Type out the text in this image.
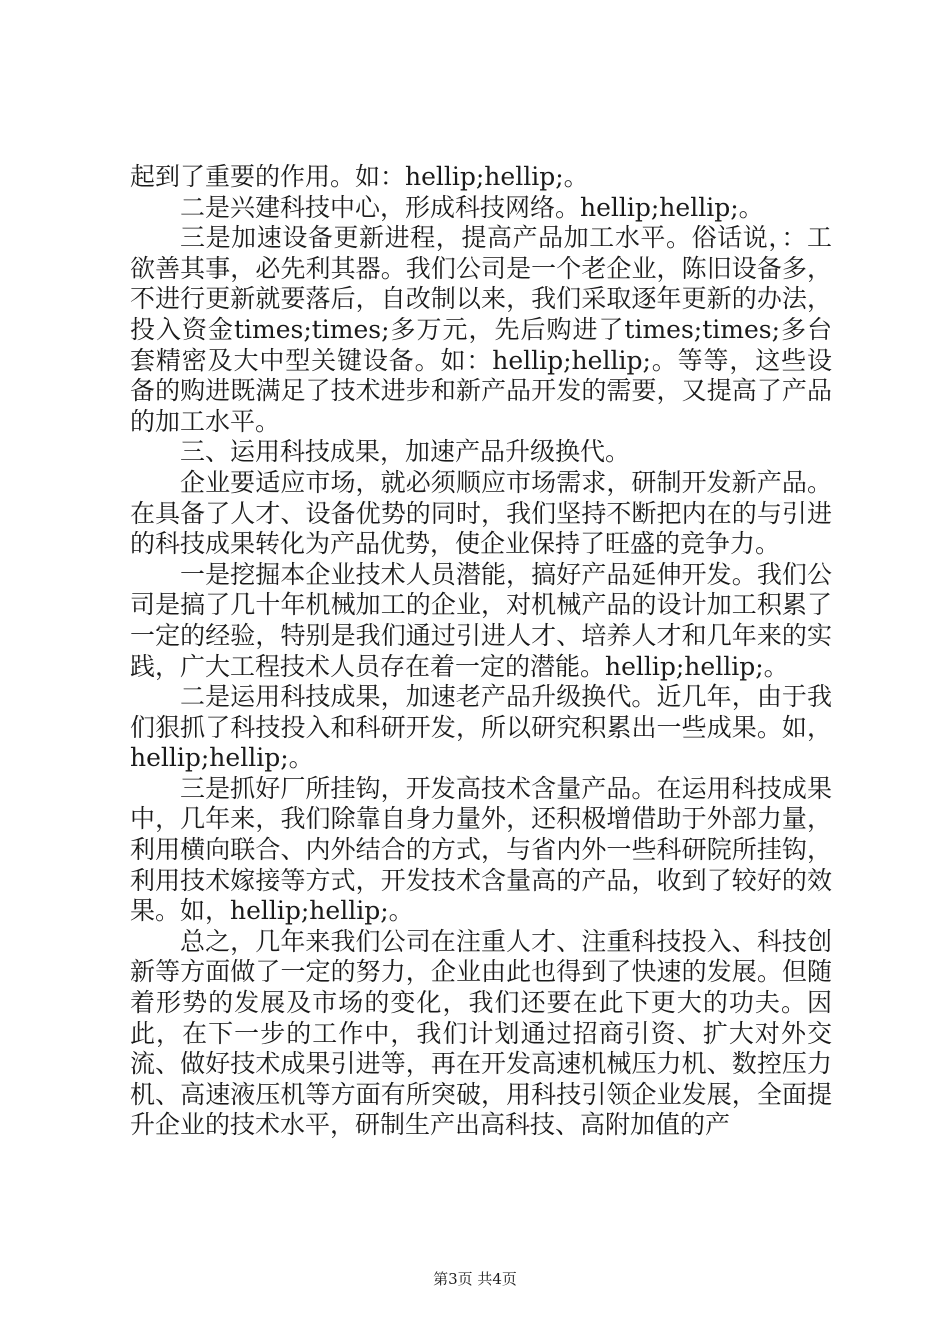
起到了重要的作用。如：hellip;hellip;。

二是兴建科技中心，形成科技网络。hellip;hellip;。

三是加速设备更新进程，提高产品加工水平。俗话说，：工欲善其事，必先利其器。我们公司是一个老企业，陈旧设备多，不进行更新就要落后，自改制以来，我们采取逐年更新的办法，投入资金times;times;多万元，先后购进了times;times;多台套精密及大中型关键设备。如：hellip;hellip;。等等，这些设备的购进既满足了技术进步和新产品开发的需要，又提高了产品的加工水平。

三、运用科技成果，加速产品升级换代。

企业要适应市场，就必须顺应市场需求，研制开发新产品。在具备了人才、设备优势的同时，我们坚持不断把内在的与引进的科技成果转化为产品优势，使企业保持了旺盛的竞争力。

一是挖掘本企业技术人员潜能，搞好产品延伸开发。我们公司是搞了几十年机械加工的企业，对机械产品的设计加工积累了一定的经验，特别是我们通过引进人才、培养人才和几年来的实践，广大工程技术人员存在着一定的潜能。hellip;hellip;。

二是运用科技成果，加速老产品升级换代。近几年，由于我们狠抓了科技投入和科研开发，所以研究积累出一些成果。如，hellip;hellip;。

三是抓好厂所挂钩，开发高技术含量产品。在运用科技成果中，几年来，我们除靠自身力量外，还积极增借助于外部力量，利用横向联合、内外结合的方式，与省内外一些科研院所挂钩，利用技术嫁接等方式，开发技术含量高的产品，收到了较好的效果。如，hellip;hellip;。

总之，几年来我们公司在注重人才、注重科技投入、科技创新等方面做了一定的努力，企业由此也得到了快速的发展。但随着形势的发展及市场的变化，我们还要在此下更大的功夫。因此，在下一步的工作中，我们计划通过招商引资、扩大对外交流、做好技术成果引进等，再在开发高速机械压力机、数控压力机、高速液压机等方面有所突破，用科技引领企业发展，全面提升企业的技术水平，研制生产出高科技、高附加值的产

第3页 共4页
